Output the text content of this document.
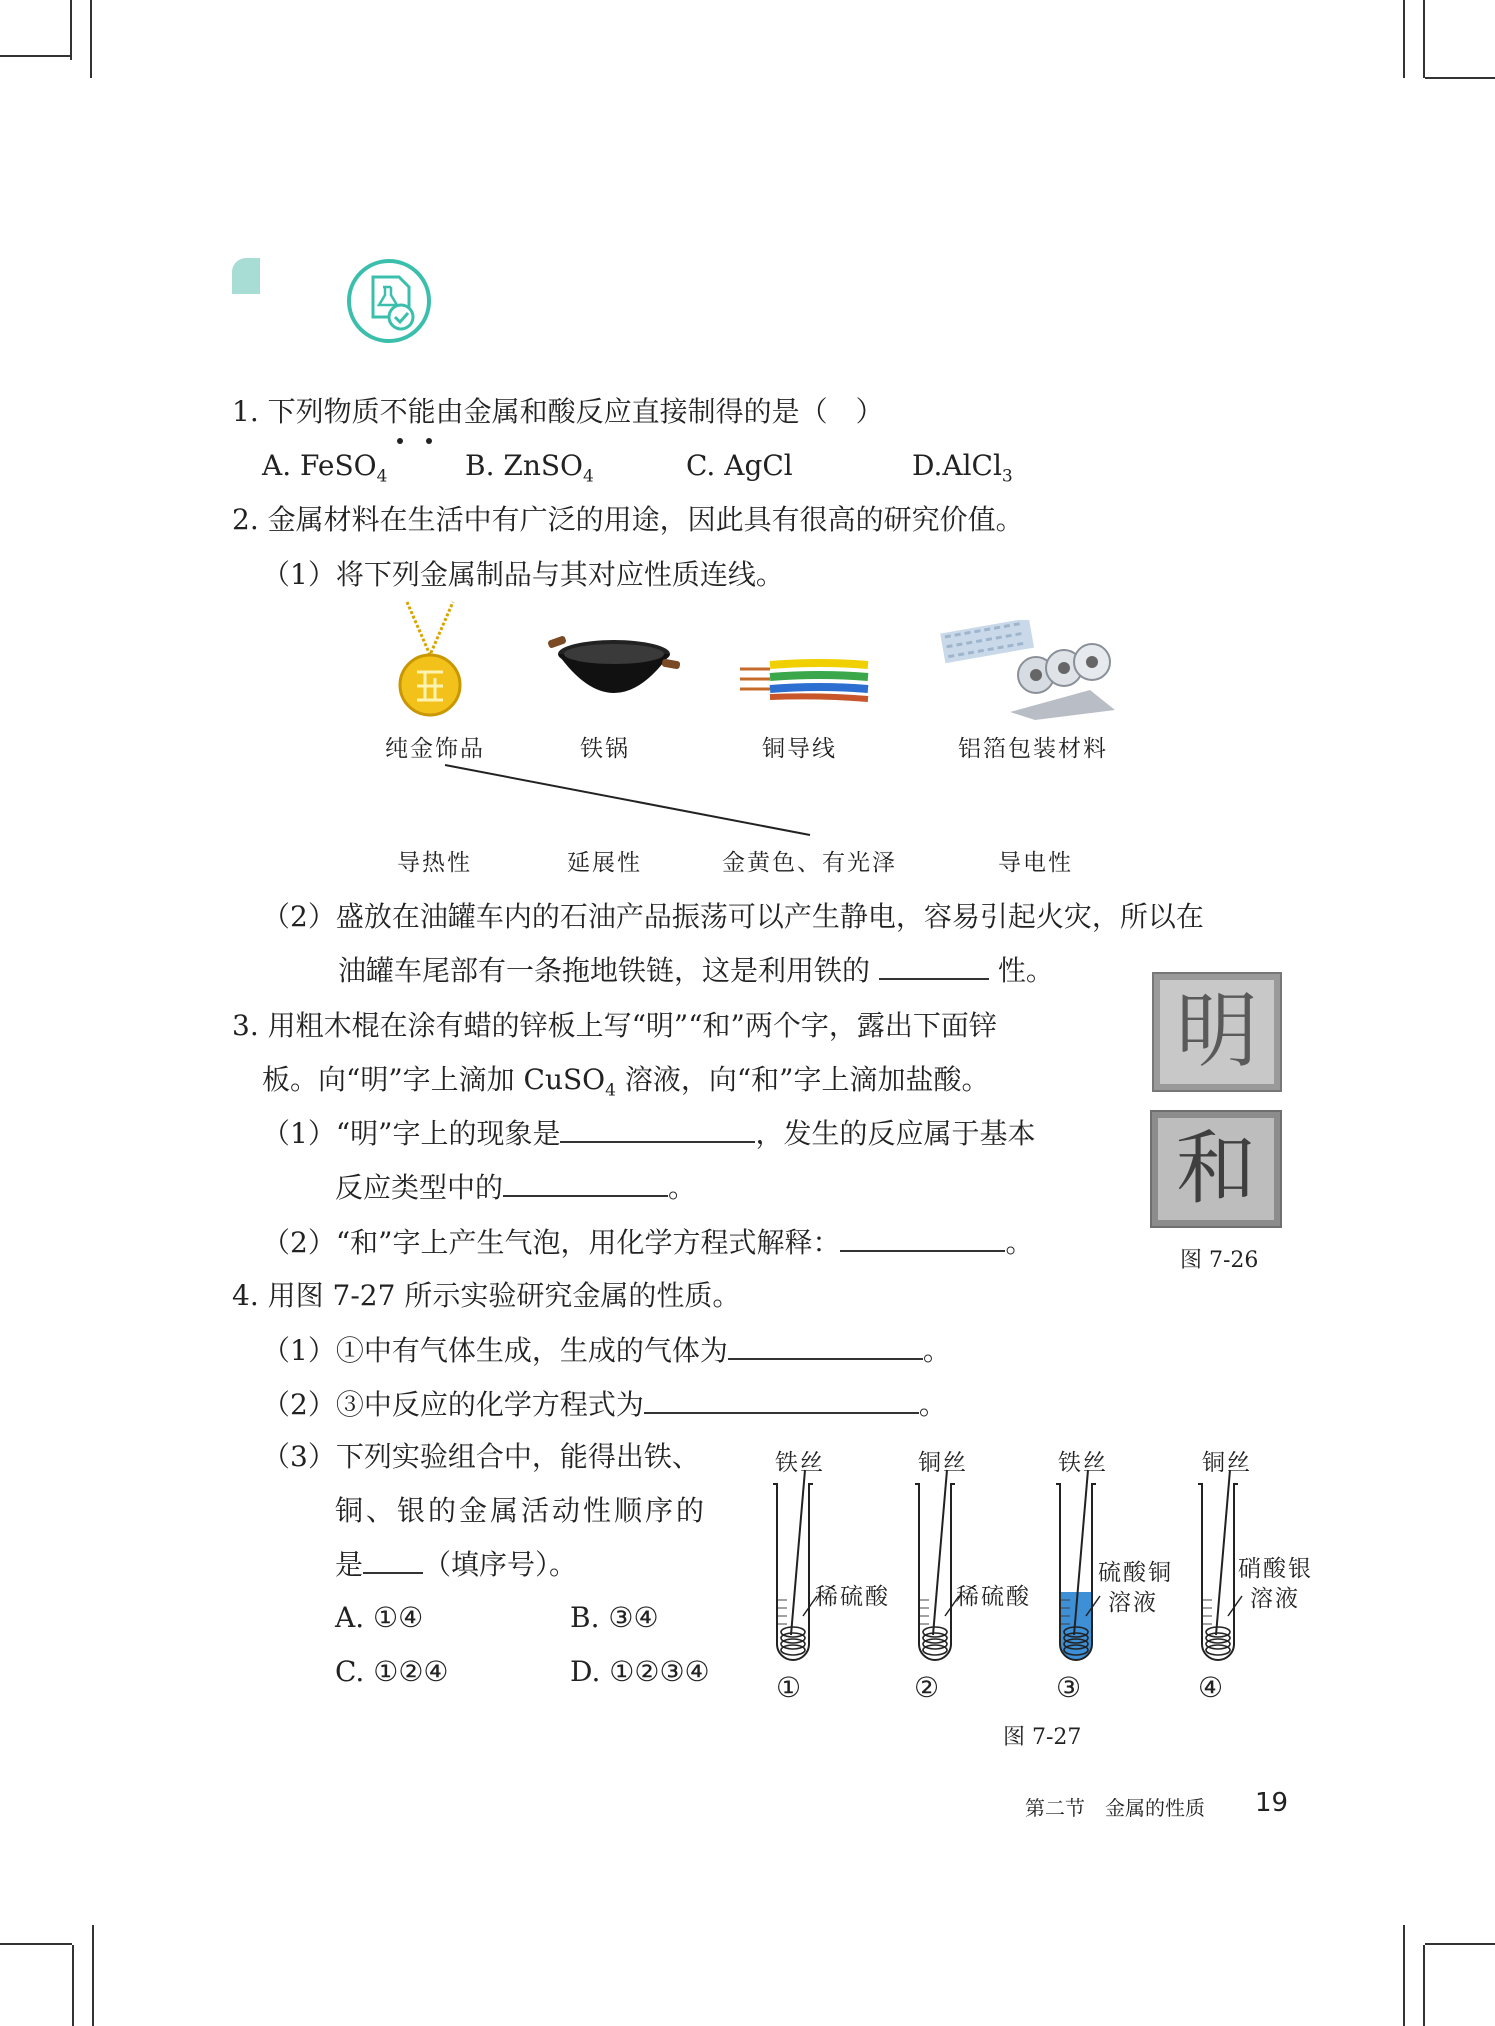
1. 下列物质不能由金属和酸反应直接制得的是（　）
A. FeSO$_4$	B. ZnSO$_4$	C. AgCl	D.AlCl$_3$
2. 金属材料在生活中有广泛的用途，因此具有很高的研究价值。
（1）将下列金属制品与其对应性质连线。
纯金饰品	铁锅	铜导线	铝箔包装材料
导热性	延展性	金黄色、有光泽	导电性
（2）盛放在油罐车内的石油产品振荡可以产生静电，容易引起火灾，所以在
油罐车尾部有一条拖地铁链，这是利用铁的	性。
3. 用粗木棍在涂有蜡的锌板上写“明”“和”两个字，露出下面锌
板。向“明”字上滴加 CuSO$_4$ 溶液，向“和”字上滴加盐酸。
（1）“明”字上的现象是	，发生的反应属于基本
反应类型中的	。
（2）“和”字上产生气泡，用化学方程式解释：	。
明
和
图 7-26
4. 用图 7-27 所示实验研究金属的性质。
（1）①中有气体生成，生成的气体为	。
（2）③中反应的化学方程式为	。
（3）下列实验组合中，能得出铁、
铜、银的金属活动性顺序的
是 （填序号）。
A. ①④	B. ③④
C. ①②④	D. ①②③④
铁丝	铜丝	铁丝	铜丝
稀硫酸	稀硫酸
硫酸铜
溶液
硝酸银
溶液
①	②	③	④
图 7-27
第二节　金属的性质 19
